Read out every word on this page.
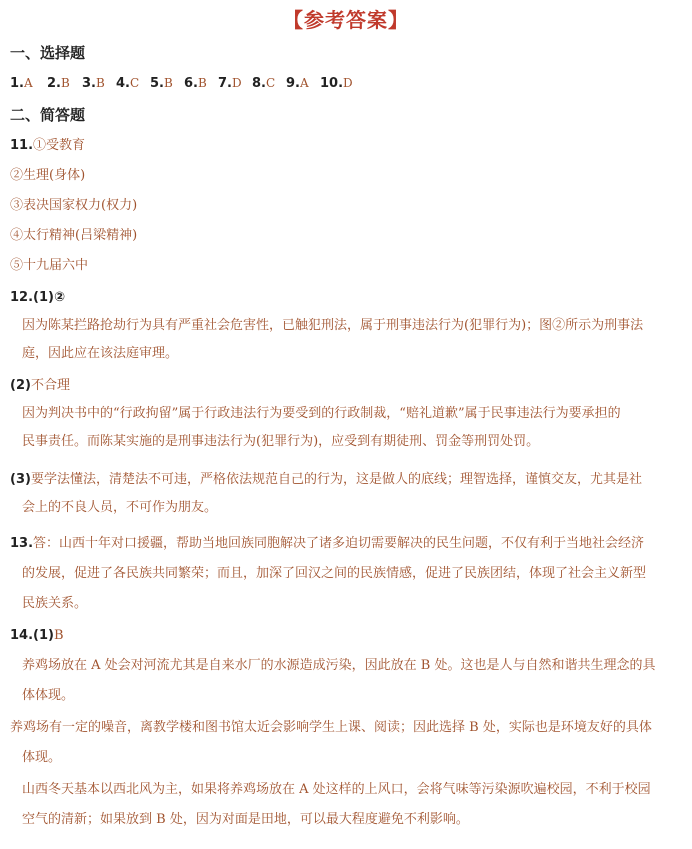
【参考答案】
一、选择题
1.A 2.B 3.B 4.C 5.B 6.B 7.D 8.C 9.A 10.D
二、简答题
11.①受教育
②生理(身体)
③表决国家权力(权力)
④太行精神(吕梁精神)
⑤十九届六中
12.(1)②
因为陈某拦路抢劫行为具有严重社会危害性，已触犯刑法，属于刑事违法行为(犯罪行为)；图②所示为刑事法
庭，因此应在该法庭审理。
(2)不合理
因为判决书中的“行政拘留”属于行政违法行为要受到的行政制裁，“赔礼道歉”属于民事违法行为要承担的
民事责任。而陈某实施的是刑事违法行为(犯罪行为)，应受到有期徒刑、罚金等刑罚处罚。
(3)要学法懂法，清楚法不可违，严格依法规范自己的行为，这是做人的底线；理智选择，谨慎交友，尤其是社
会上的不良人员，不可作为朋友。
13.答：山西十年对口援疆，帮助当地回族同胞解决了诸多迫切需要解决的民生问题，不仅有利于当地社会经济
的发展，促进了各民族共同繁荣；而且，加深了回汉之间的民族情感，促进了民族团结，体现了社会主义新型
民族关系。
14.(1)B
养鸡场放在 A 处会对河流尤其是自来水厂的水源造成污染，因此放在 B 处。这也是人与自然和谐共生理念的具
体体现。
养鸡场有一定的噪音，离教学楼和图书馆太近会影响学生上课、阅读；因此选择 B 处，实际也是环境友好的具体
体现。
山西冬天基本以西北风为主，如果将养鸡场放在 A 处这样的上风口，会将气味等污染源吹遍校园，不利于校园
空气的清新；如果放到 B 处，因为对面是田地，可以最大程度避免不利影响。
